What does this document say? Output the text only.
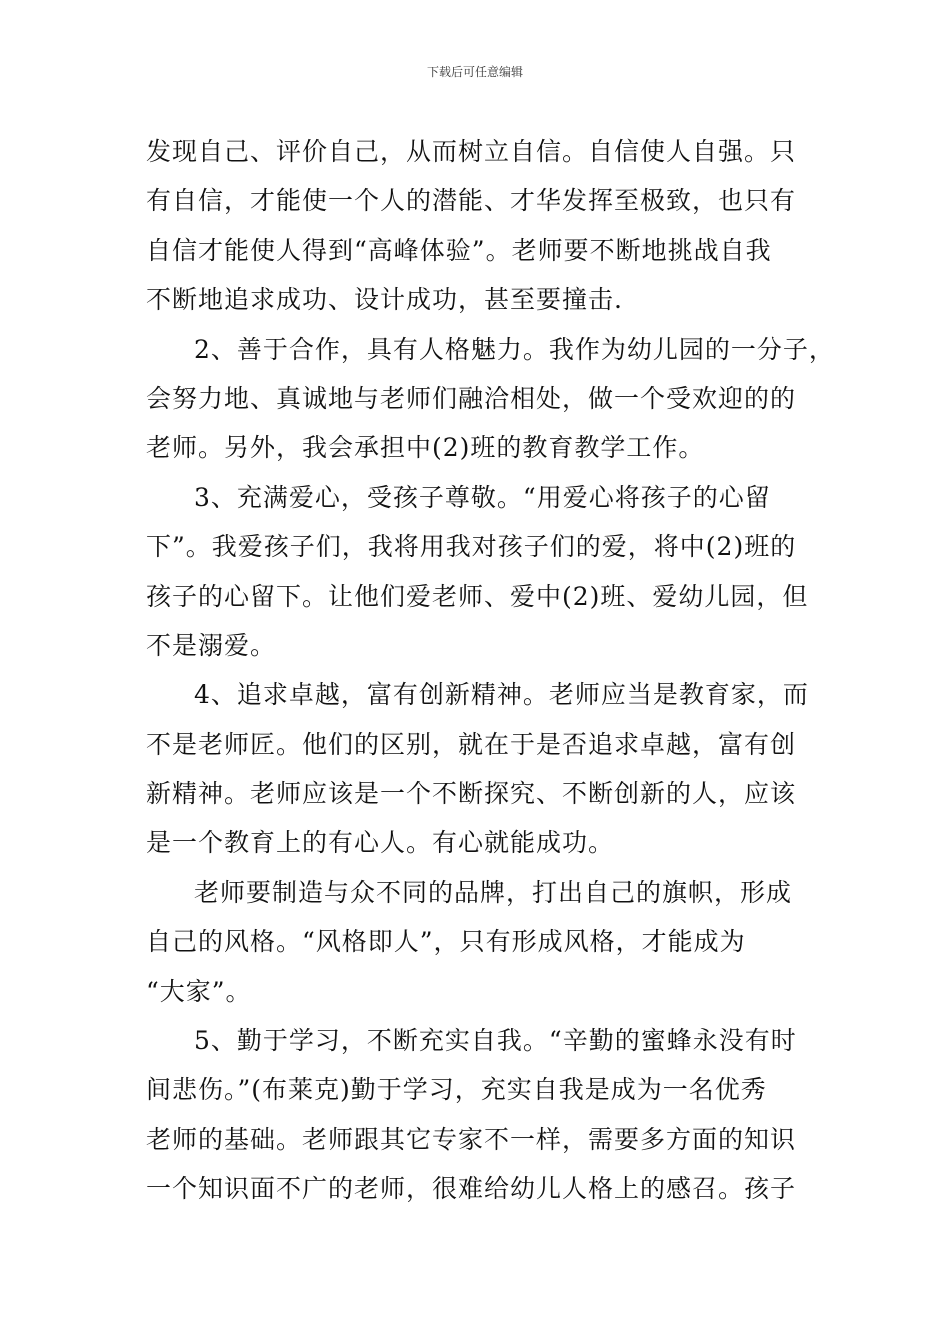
下载后可任意编辑
发现自己、评价自己，从而树立自信。自信使人自强。只
有自信，才能使一个人的潜能、才华发挥至极致，也只有
自信才能使人得到“高峰体验”。老师要不断地挑战自我
不断地追求成功、设计成功，甚至要撞击.
2、善于合作，具有人格魅力。我作为幼儿园的一分子，
会努力地、真诚地与老师们融洽相处，做一个受欢迎的的
老师。另外，我会承担中(2)班的教育教学工作。
3、充满爱心，受孩子尊敬。“用爱心将孩子的心留
下”。我爱孩子们，我将用我对孩子们的爱，将中(2)班的
孩子的心留下。让他们爱老师、爱中(2)班、爱幼儿园，但
不是溺爱。
4、追求卓越，富有创新精神。老师应当是教育家，而
不是老师匠。他们的区别，就在于是否追求卓越，富有创
新精神。老师应该是一个不断探究、不断创新的人，应该
是一个教育上的有心人。有心就能成功。
老师要制造与众不同的品牌，打出自己的旗帜，形成
自己的风格。“风格即人”，只有形成风格，才能成为
“大家”。
5、勤于学习，不断充实自我。“辛勤的蜜蜂永没有时
间悲伤。”(布莱克)勤于学习，充实自我是成为一名优秀
老师的基础。老师跟其它专家不一样，需要多方面的知识
一个知识面不广的老师，很难给幼儿人格上的感召。孩子
